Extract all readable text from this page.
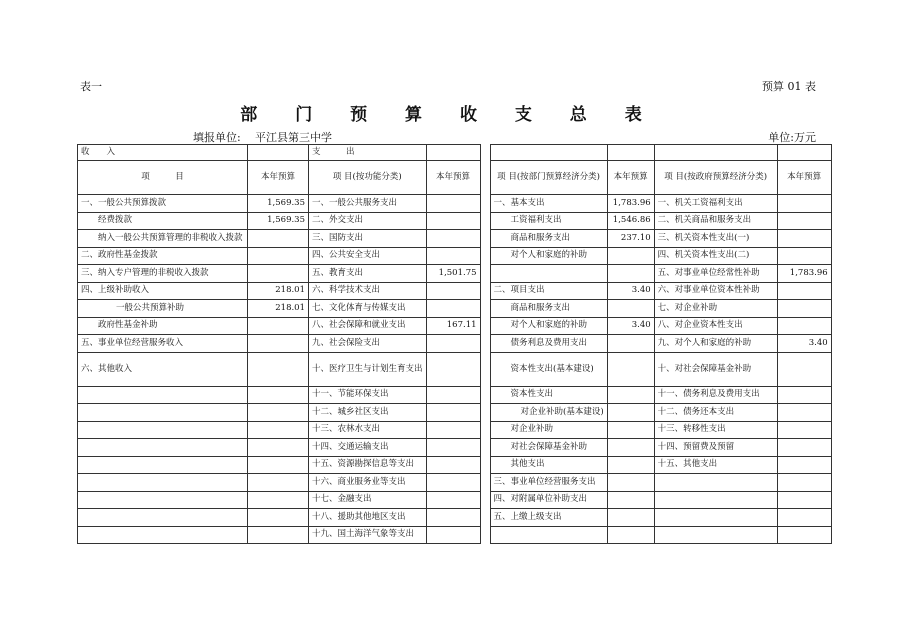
表一	预算 01 表
部 门 预 算 收 支 总 表
填报单位: 平江县第三中学	单位:万元
收　　入		支　　　出						
项　　　目	本年预算	项 目(按功能分类)	本年预算		项 目(按部门预算经济分类)	本年预算	项 目(按政府预算经济分类)	本年预算
一、一般公共预算拨款	1,569.35	一、一般公共服务支出			一、基本支出	1,783.96	一、机关工资福利支出	
经费拨款	1,569.35	二、外交支出			工资福利支出	1,546.86	二、机关商品和服务支出	
纳入一般公共预算管理的非税收入拨款		三、国防支出			商品和服务支出	237.10	三、机关资本性支出(一)	
二、政府性基金拨款		四、公共安全支出			对个人和家庭的补助		四、机关资本性支出(二)	
三、纳入专户管理的非税收入拨款		五、教育支出	1,501.75				五、对事业单位经常性补助	1,783.96
四、上级补助收入	218.01	六、科学技术支出			二、项目支出	3.40	六、对事业单位资本性补助	
一般公共预算补助	218.01	七、文化体育与传媒支出			商品和服务支出		七、对企业补助	
政府性基金补助		八、社会保障和就业支出	167.11		对个人和家庭的补助	3.40	八、对企业资本性支出	
五、事业单位经营服务收入		九、社会保险支出			债务利息及费用支出		九、对个人和家庭的补助	3.40
六、其他收入		十、医疗卫生与计划生育支出			资本性支出(基本建设)		十、对社会保障基金补助	
		十一、节能环保支出			资本性支出		十一、债务利息及费用支出	
		十二、城乡社区支出			对企业补助(基本建设)		十二、债务还本支出	
		十三、农林水支出			对企业补助		十三、转移性支出	
		十四、交通运输支出			对社会保障基金补助		十四、预留费及预留	
		十五、资源勘探信息等支出			其他支出		十五、其他支出	
		十六、商业服务业等支出			三、事业单位经营服务支出			
		十七、金融支出			四、对附属单位补助支出			
		十八、援助其他地区支出			五、上缴上级支出			
		十九、国土海洋气象等支出						
